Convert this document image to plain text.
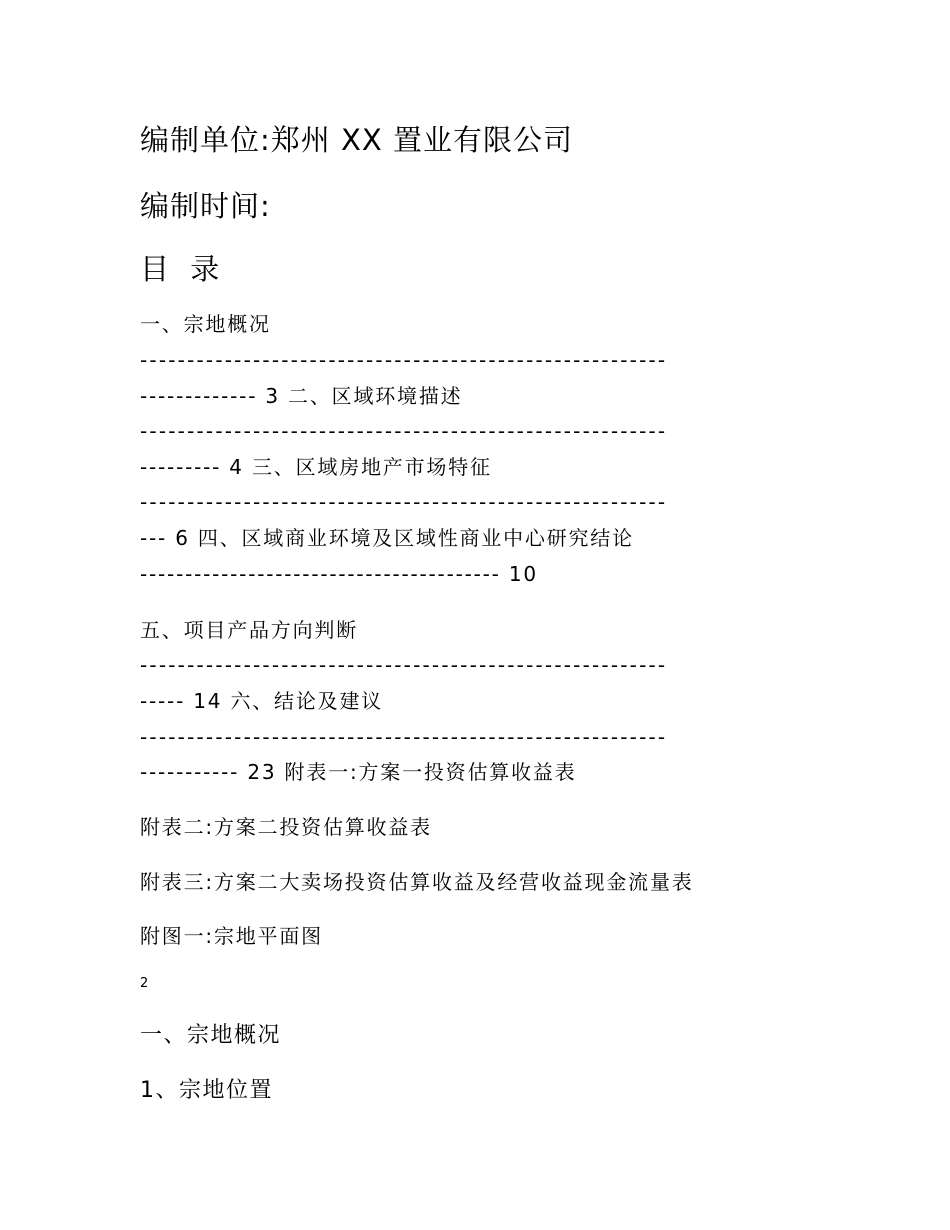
编制单位:郑州 XX 置业有限公司
编制时间:
目 录
一、宗地概况
--------------------------------------------------------
------------- 3 二、区域环境描述
--------------------------------------------------------
--------- 4 三、区域房地产市场特征
--------------------------------------------------------
--- 6 四、区域商业环境及区域性商业中心研究结论
---------------------------------------- 10
五、项目产品方向判断
--------------------------------------------------------
----- 14 六、结论及建议
--------------------------------------------------------
----------- 23 附表一:方案一投资估算收益表
附表二:方案二投资估算收益表
附表三:方案二大卖场投资估算收益及经营收益现金流量表
附图一:宗地平面图
2
一、宗地概况
1、宗地位置
